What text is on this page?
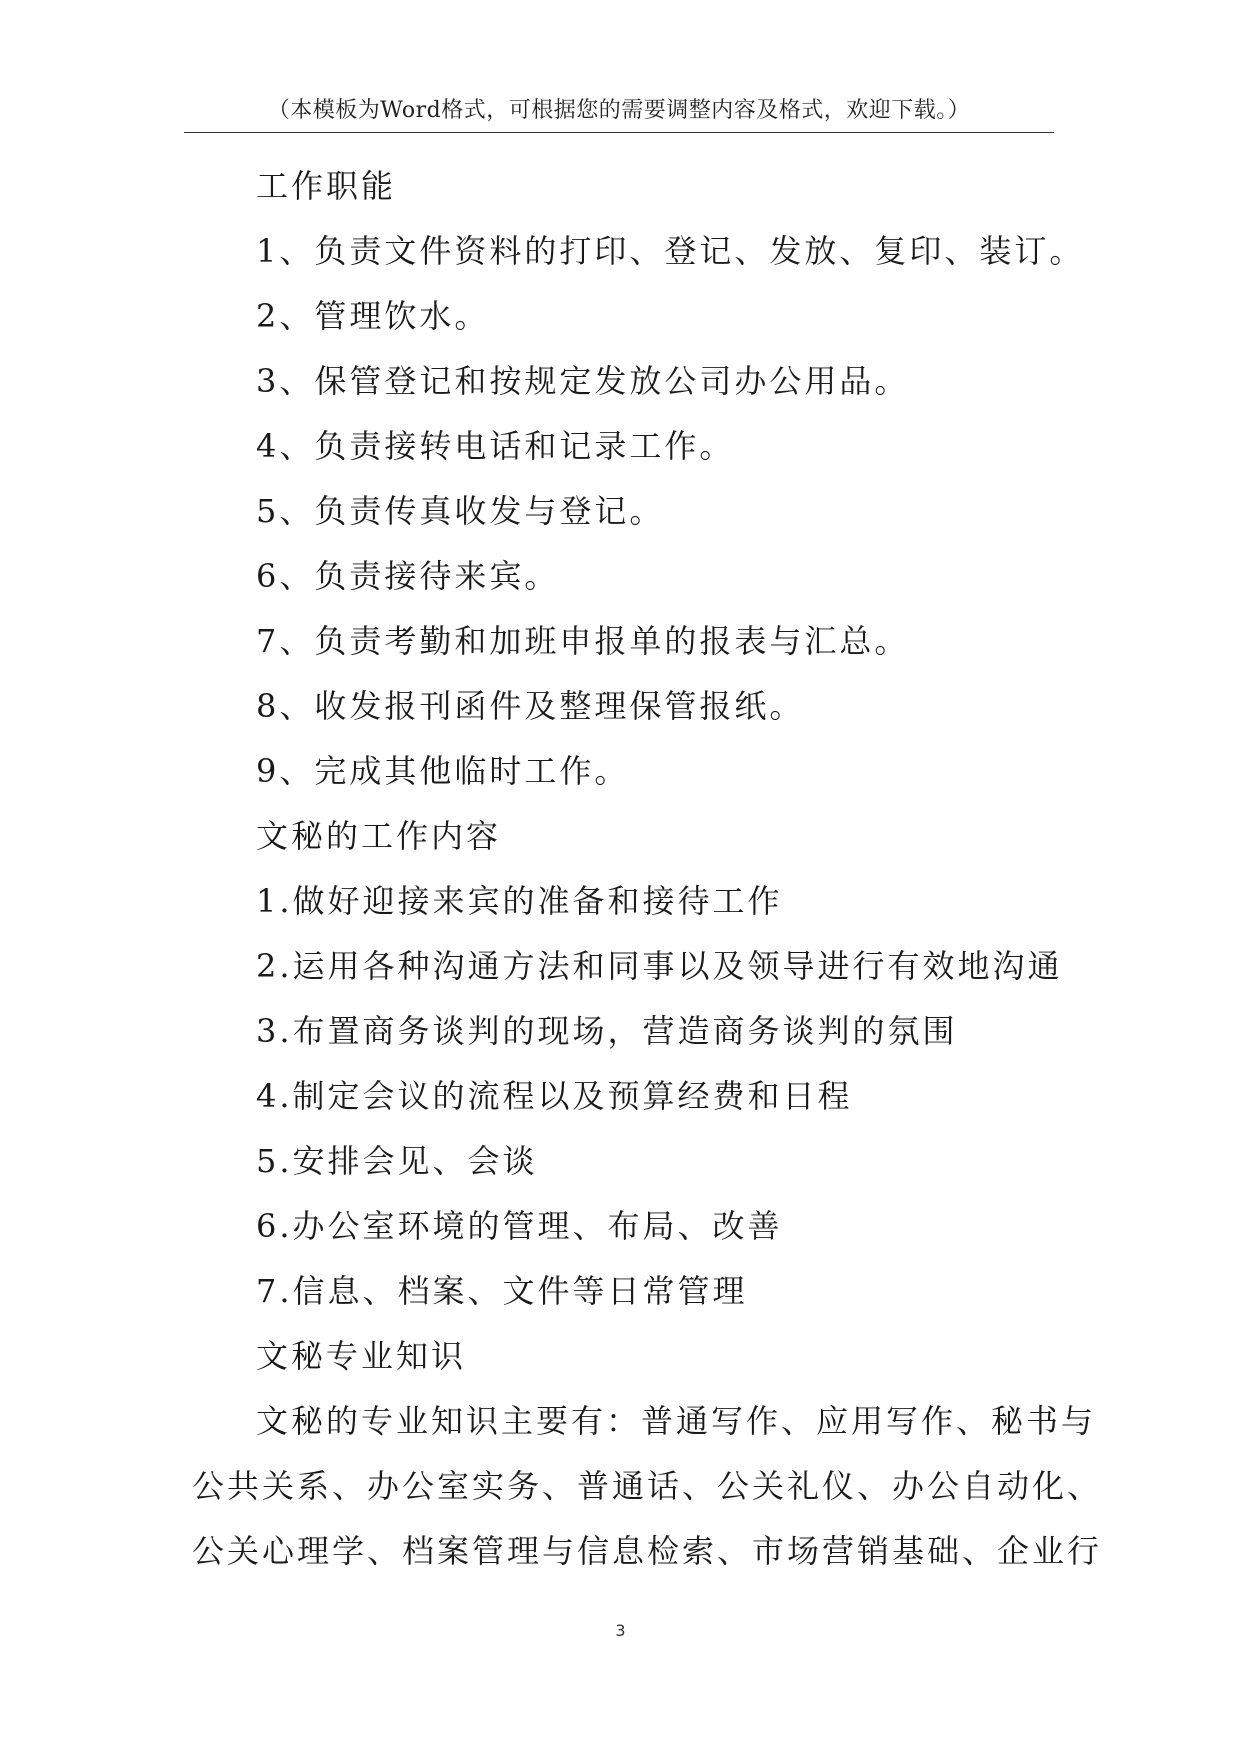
（本模板为Word格式，可根据您的需要调整内容及格式，欢迎下载。）
工作职能
1、负责文件资料的打印、登记、发放、复印、装订。
2、管理饮水。
3、保管登记和按规定发放公司办公用品。
4、负责接转电话和记录工作。
5、负责传真收发与登记。
6、负责接待来宾。
7、负责考勤和加班申报单的报表与汇总。
8、收发报刊函件及整理保管报纸。
9、完成其他临时工作。
文秘的工作内容
1.做好迎接来宾的准备和接待工作
2.运用各种沟通方法和同事以及领导进行有效地沟通
3.布置商务谈判的现场，营造商务谈判的氛围
4.制定会议的流程以及预算经费和日程
5.安排会见、会谈
6.办公室环境的管理、布局、改善
7.信息、档案、文件等日常管理
文秘专业知识
文秘的专业知识主要有：普通写作、应用写作、秘书与
公共关系、办公室实务、普通话、公关礼仪、办公自动化、
公关心理学、档案管理与信息检索、市场营销基础、企业行
3
